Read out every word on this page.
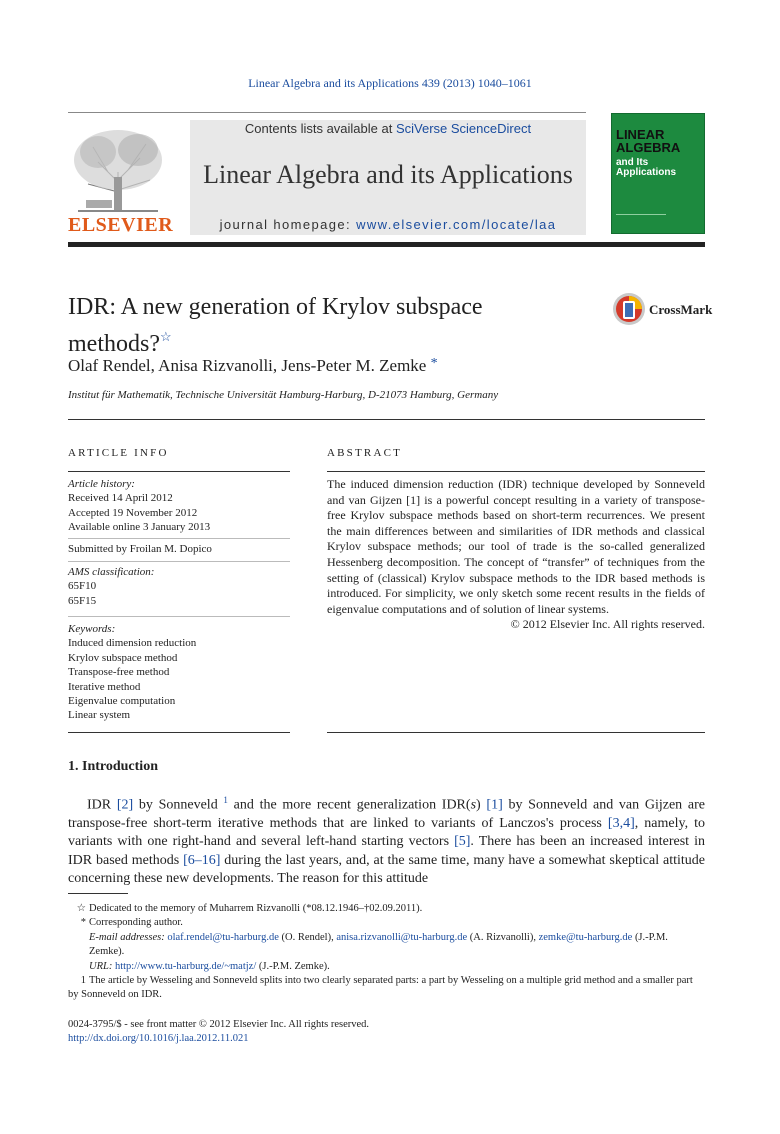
Linear Algebra and its Applications 439 (2013) 1040–1061
ELSEVIER
Contents lists available at SciVerse ScienceDirect
Linear Algebra and its Applications
journal homepage: www.elsevier.com/locate/laa
LINEAR
ALGEBRA
and Its
Applications
IDR: A new generation of Krylov subspace
methods?☆
CrossMark
Olaf Rendel, Anisa Rizvanolli, Jens-Peter M. Zemke *
Institut für Mathematik, Technische Universität Hamburg-Harburg, D-21073 Hamburg, Germany
ARTICLE INFO	ABSTRACT
Article history:
Received 14 April 2012
Accepted 19 November 2012
Available online 3 January 2013
Submitted by Froilan M. Dopico
AMS classification:
65F10
65F15
Keywords:
Induced dimension reduction
Krylov subspace method
Transpose-free method
Iterative method
Eigenvalue computation
Linear system
The induced dimension reduction (IDR) technique developed by Sonneveld and van Gijzen [1] is a powerful concept resulting in a variety of transpose-free Krylov subspace methods based on short-term recurrences. We present the main differences between and similarities of IDR methods and classical Krylov subspace methods; our tool of trade is the so-called generalized Hessenberg decomposition. The concept of “transfer” of techniques from the setting of (classical) Krylov subspace methods to the IDR based methods is introduced. For simplicity, we only sketch some recent results in the fields of eigenvalue computations and of solution of linear systems.
© 2012 Elsevier Inc. All rights reserved.
1. Introduction
IDR [2] by Sonneveld $^1$ and the more recent generalization IDR(s) [1] by Sonneveld and van Gijzen are transpose-free short-term iterative methods that are linked to variants of Lanczos's process [3,4], namely, to variants with one right-hand and several left-hand starting vectors [5]. There has been an increased interest in IDR based methods [6–16] during the last years, and, at the same time, many have a somewhat skeptical attitude concerning these new developments. The reason for this attitude
☆ Dedicated to the memory of Muharrem Rizvanolli (*08.12.1946–†02.09.2011).
* Corresponding author.
E-mail addresses: olaf.rendel@tu-harburg.de (O. Rendel), anisa.rizvanolli@tu-harburg.de (A. Rizvanolli), zemke@tu-harburg.de (J.-P.M. Zemke).
URL: http://www.tu-harburg.de/~matjz/ (J.-P.M. Zemke).
1 The article by Wesseling and Sonneveld splits into two clearly separated parts: a part by Wesseling on a multiple grid method and a smaller part by Sonneveld on IDR.
0024-3795/$ - see front matter © 2012 Elsevier Inc. All rights reserved.
http://dx.doi.org/10.1016/j.laa.2012.11.021
